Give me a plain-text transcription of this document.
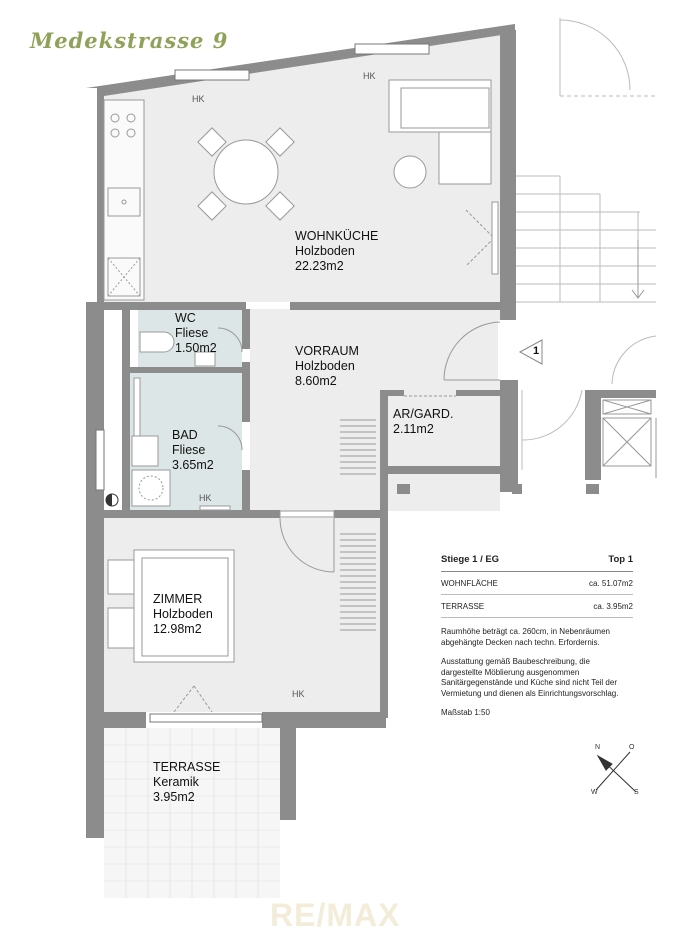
Medekstrasse 9
WOHNKÜCHE
Holzboden
22.23m2
WC
Fliese
1.50m2	VORRAUM
Holzboden
8.60m2
AR/GARD.
2.11m2
BAD
Fliese
3.65m2
ZIMMER
Holzboden
12.98m2
TERRASSE
Keramik
3.95m2
HK
HK
HK
HK
1
Stiege 1 / EG	Top 1
WOHNFLÄCHE	ca. 51.07m2
TERRASSE	ca. 3.95m2

Raumhöhe beträgt ca. 260cm, in Nebenräumen abgehängte Decken nach techn. Erfordernis.

Ausstattung gemäß Baubeschreibung, die dargestellte Möblierung ausgenommen Sanitärgegenstände und Küche sind nicht Teil der Vermietung und dienen als Einrichtungsvorschlag.

Maßstab 1:50

N	O
W	S
RE/MAX
